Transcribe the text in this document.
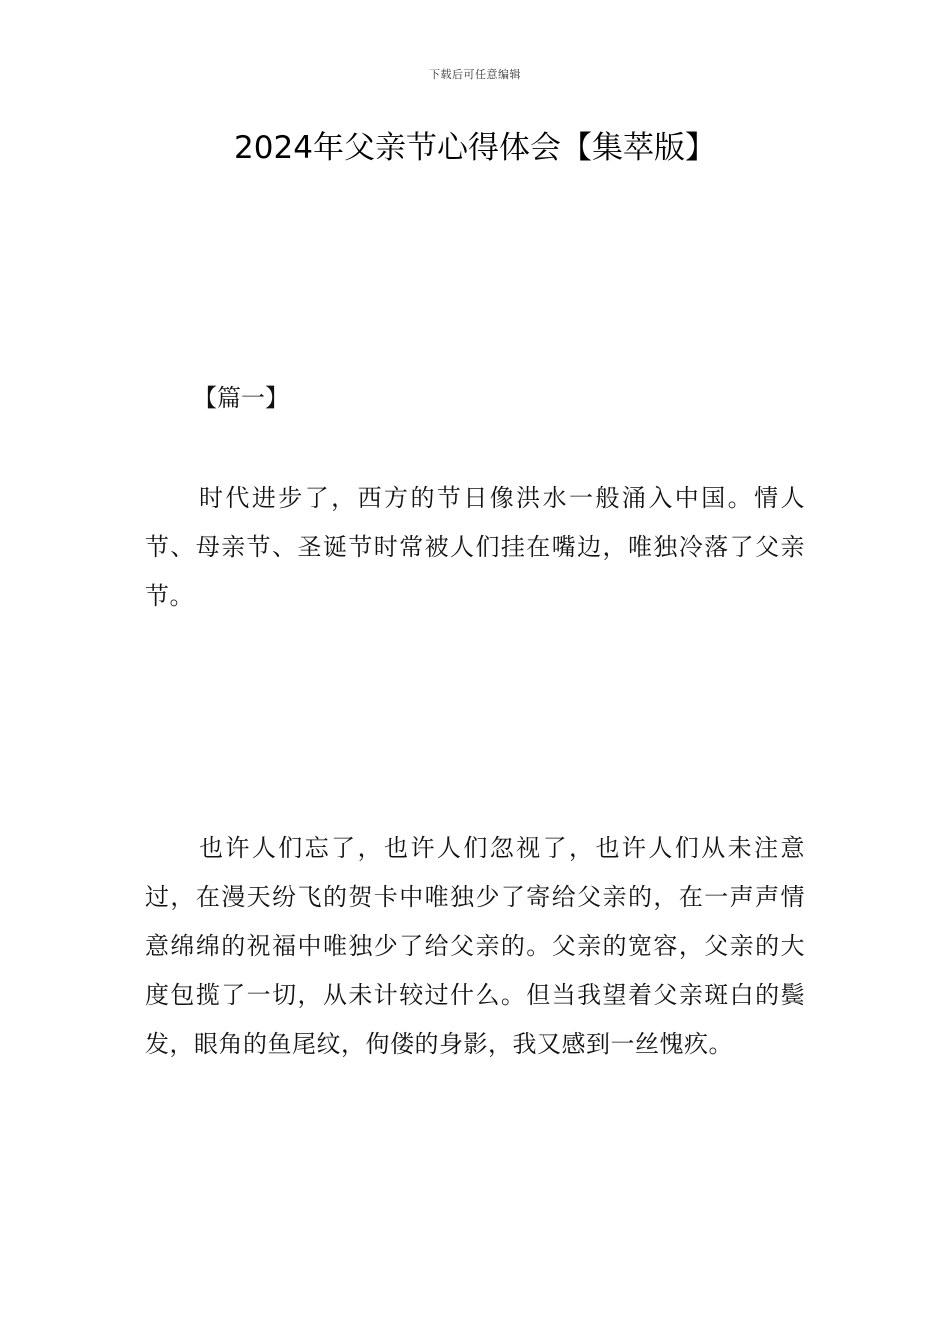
下载后可任意编辑
2024年父亲节心得体会【集萃版】
【篇一】

时代进步了，西方的节日像洪水一般涌入中国。情人节、母亲节、圣诞节时常被人们挂在嘴边，唯独冷落了父亲节。

也许人们忘了，也许人们忽视了，也许人们从未注意过，在漫天纷飞的贺卡中唯独少了寄给父亲的，在一声声情意绵绵的祝福中唯独少了给父亲的。父亲的宽容，父亲的大度包揽了一切，从未计较过什么。但当我望着父亲斑白的鬓发，眼角的鱼尾纹，佝偻的身影，我又感到一丝愧疚。
